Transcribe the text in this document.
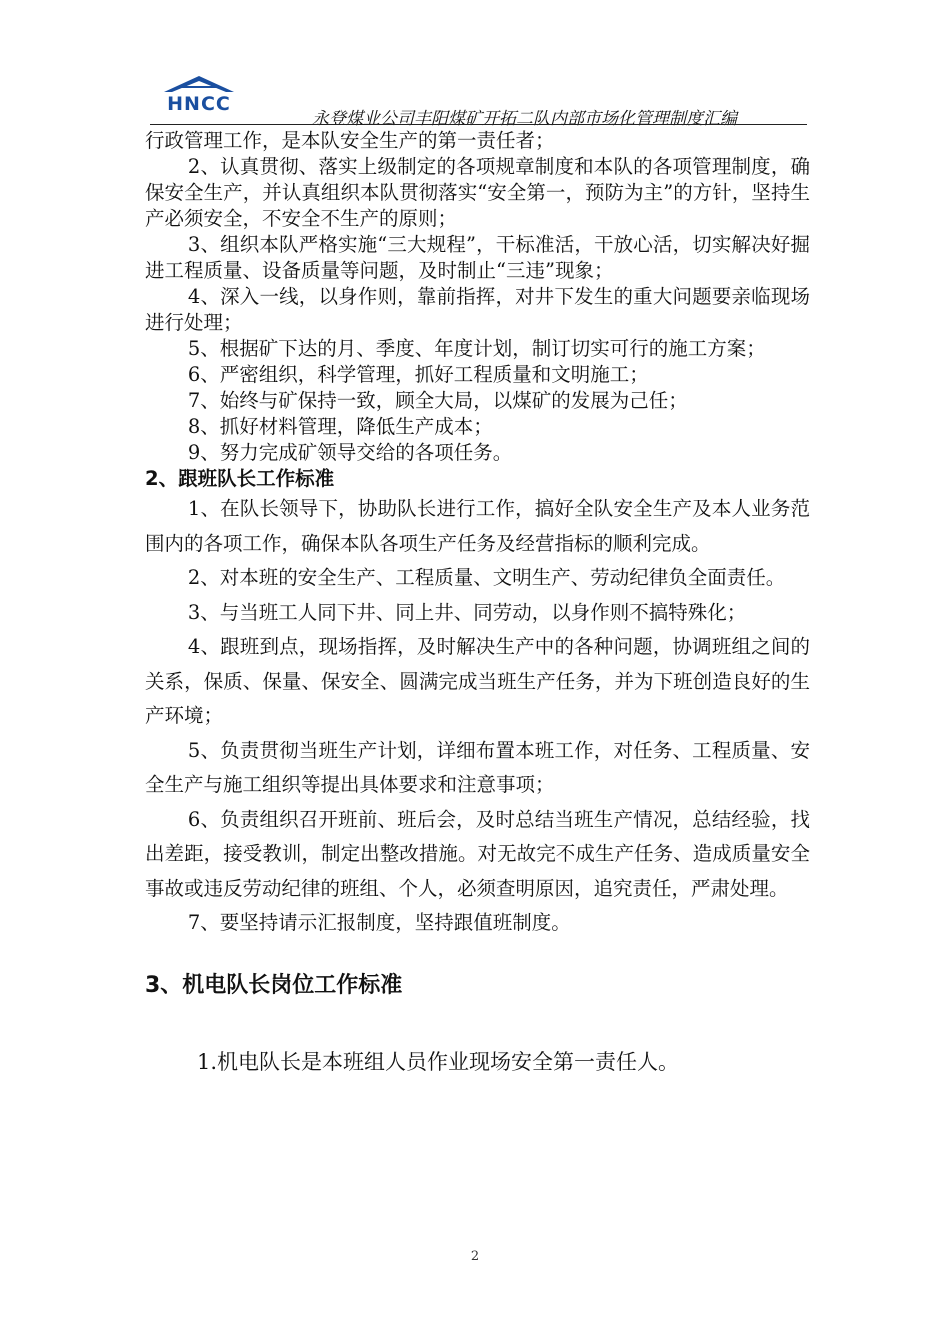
HNCC
永登煤业公司丰阳煤矿开拓二队内部市场化管理制度汇编

行政管理工作，是本队安全生产的第一责任者；

2、认真贯彻、落实上级制定的各项规章制度和本队的各项管理制度，确保安全生产，并认真组织本队贯彻落实“安全第一，预防为主”的方针，坚持生产必须安全，不安全不生产的原则；

3、组织本队严格实施“三大规程”，干标准活，干放心活，切实解决好掘进工程质量、设备质量等问题，及时制止“三违”现象；

4、深入一线，以身作则，靠前指挥，对井下发生的重大问题要亲临现场进行处理；

5、根据矿下达的月、季度、年度计划，制订切实可行的施工方案；

6、严密组织，科学管理，抓好工程质量和文明施工；

7、始终与矿保持一致，顾全大局，以煤矿的发展为己任；

8、抓好材料管理，降低生产成本；

9、努力完成矿领导交给的各项任务。

2、跟班队长工作标准

1、在队长领导下，协助队长进行工作，搞好全队安全生产及本人业务范围内的各项工作，确保本队各项生产任务及经营指标的顺利完成。

2、对本班的安全生产、工程质量、文明生产、劳动纪律负全面责任。

3、与当班工人同下井、同上井、同劳动，以身作则不搞特殊化；

4、跟班到点，现场指挥，及时解决生产中的各种问题，协调班组之间的关系，保质、保量、保安全、圆满完成当班生产任务，并为下班创造良好的生产环境；

5、负责贯彻当班生产计划，详细布置本班工作，对任务、工程质量、安全生产与施工组织等提出具体要求和注意事项；

6、负责组织召开班前、班后会，及时总结当班生产情况，总结经验，找出差距，接受教训，制定出整改措施。对无故完不成生产任务、造成质量安全事故或违反劳动纪律的班组、个人，必须查明原因，追究责任，严肃处理。

7、要坚持请示汇报制度，坚持跟值班制度。

3、机电队长岗位工作标准

1.机电队长是本班组人员作业现场安全第一责任人。

2
